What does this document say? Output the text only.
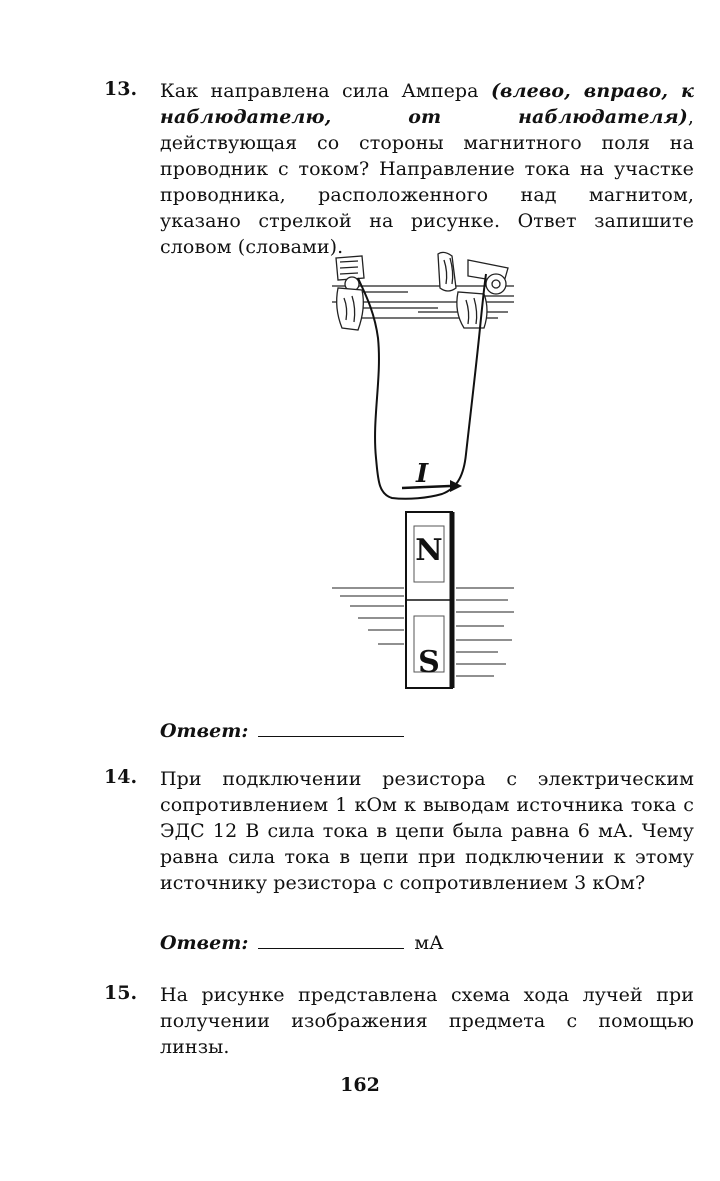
13. Как направлена сила Ампера (влево, вправо, к наблюдателю, от наблюдателя), действующая со стороны магнитного поля на проводник с током? Направление тока на участке проводника, расположенного над магнитом, указано стрелкой на рисунке. Ответ запишите словом (словами).
I
N
S
Ответ:
14. При подключении резистора с электрическим сопротивлением 1 кОм к выводам источника тока с ЭДС 12 В сила тока в цепи была равна 6 мА. Чему равна сила тока в цепи при подключении к этому источнику резистора с сопротивлением 3 кОм?
Ответ:	мА
15. На рисунке представлена схема хода лучей при получении изображения предмета с помощью линзы.
162
